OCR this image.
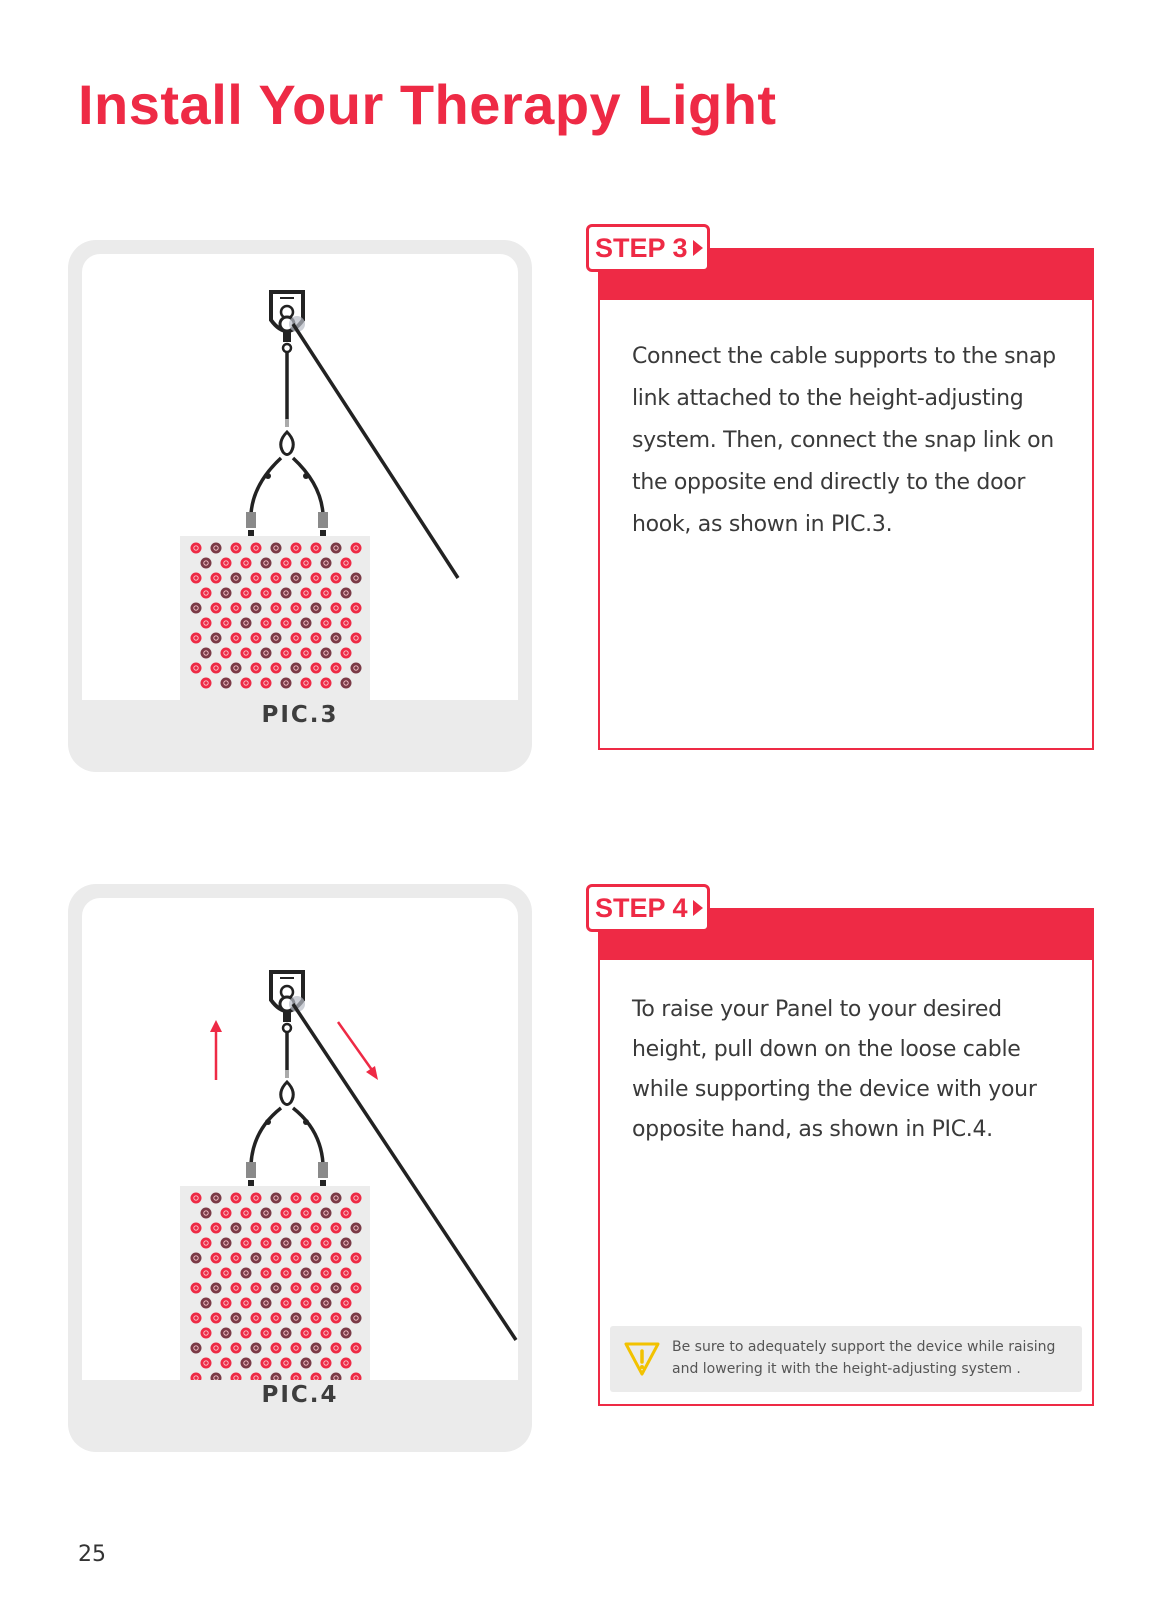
Install Your Therapy Light
PIC.3
Connect the cable supports to the snap link attached to the height-adjusting system. Then, connect the snap link on the opposite end directly to the door hook, as shown in PIC.3.
STEP 3
PIC.4
To raise your Panel to your desired height, pull down on the loose cable while supporting the device with your opposite hand, as shown in PIC.4.
Be sure to adequately support the device while raising and lowering it with the height-adjusting system .
STEP 4
25
